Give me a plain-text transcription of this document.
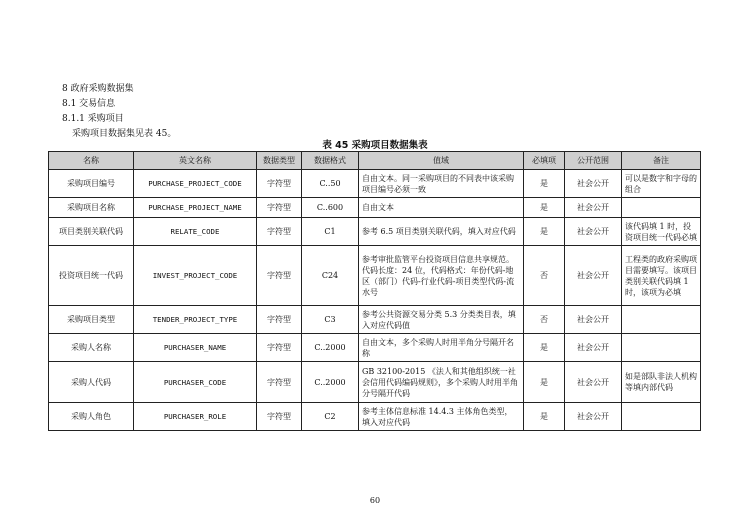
8 政府采购数据集
8.1 交易信息
8.1.1 采购项目
采购项目数据集见表 45。
表 45 采购项目数据集表
名称	英文名称	数据类型	数据格式	值域	必填项	公开范围	备注
采购项目编号	PURCHASE_PROJECT_CODE	字符型	C..50	自由文本。同一采购项目的不同表中该采购项目编号必须一致	是	社会公开	可以是数字和字母的组合
采购项目名称	PURCHASE_PROJECT_NAME	字符型	C..600	自由文本	是	社会公开	
项目类别关联代码	RELATE_CODE	字符型	C1	参考 6.5 项目类别关联代码，填入对应代码	是	社会公开	该代码填 1 时，投资项目统一代码必填
投资项目统一代码	INVEST_PROJECT_CODE	字符型	C24	参考审批监管平台投资项目信息共享规范。代码长度：24 位，代码格式：年份代码-地区（部门）代码-行业代码-项目类型代码-流水号	否	社会公开	工程类的政府采购项目需要填写。该项目类别关联代码填 1 时，该项为必填
采购项目类型	TENDER_PROJECT_TYPE	字符型	C3	参考公共资源交易分类 5.3 分类类目表，填入对应代码值	否	社会公开	
采购人名称	PURCHASER_NAME	字符型	C..2000	自由文本，多个采购人时用半角分号隔开名称	是	社会公开	
采购人代码	PURCHASER_CODE	字符型	C..2000	GB 32100-2015 《法人和其他组织统一社会信用代码编码规则》，多个采购人时用半角分号隔开代码	是	社会公开	如是部队非法人机构等填内部代码
采购人角色	PURCHASER_ROLE	字符型	C2	参考主体信息标准 14.4.3 主体角色类型，填入对应代码	是	社会公开	
60
